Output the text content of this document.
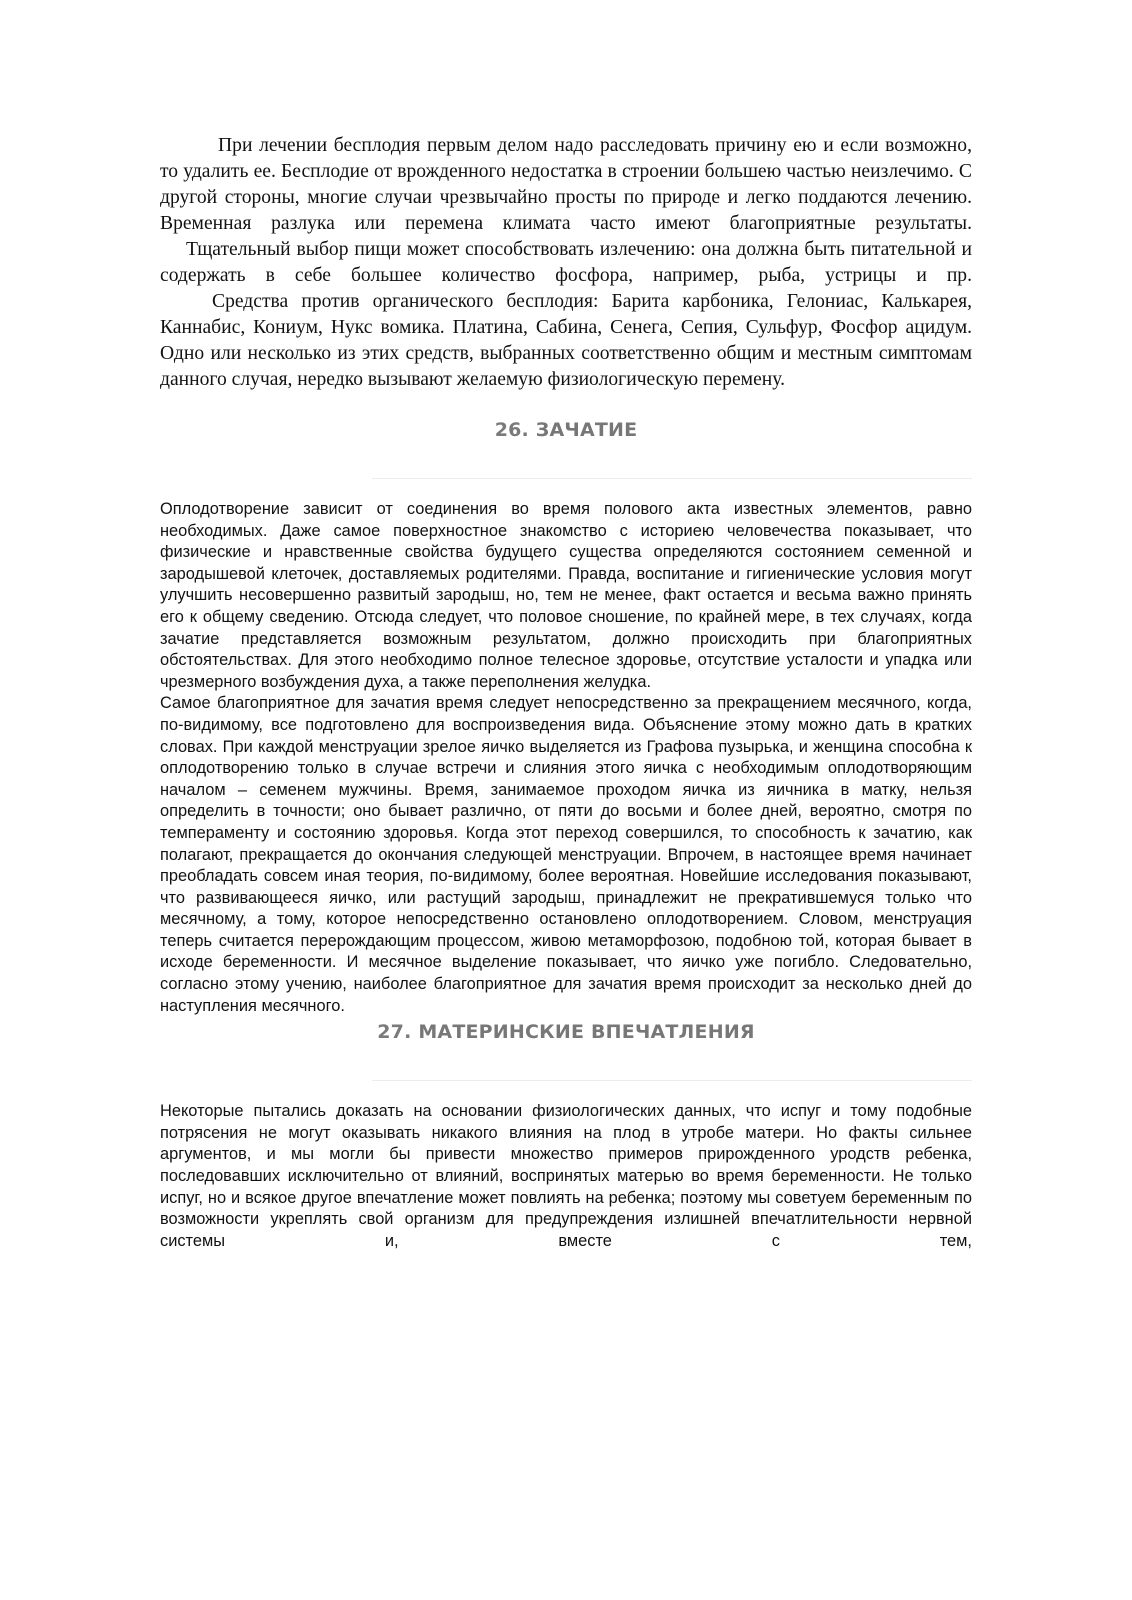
При лечении бесплодия первым делом надо расследовать причину ею и если возможно, то удалить ее. Бесплодие от врожденного недостатка в строении большею частью неизлечимо. С другой стороны, многие случаи чрезвычайно просты по природе и легко поддаются лечению. Временная разлука или перемена климата часто имеют благоприятные результаты.

Тщательный выбор пищи может способствовать излечению: она должна быть питательной и содержать в себе большее количество фосфора, например, рыба, устрицы и пр.

Средства против органического бесплодия: Барита карбоника, Гелониас, Калькарея, Каннабис, Кониум, Нукс вомика. Платина, Сабина, Сенега, Сепия, Сульфур, Фосфор ацидум.

Одно или несколько из этих средств, выбранных соответственно общим и местным симптомам данного случая, нередко вызывают желаемую физиологическую перемену.

26. ЗАЧАТИЕ

Оплодотворение зависит от соединения во время полового акта известных элементов, равно необходимых. Даже самое поверхностное знакомство с историею человечества показывает, что физические и нравственные свойства будущего существа определяются состоянием семенной и зародышевой клеточек, доставляемых родителями. Правда, воспитание и гигиенические условия могут улучшить несовершенно развитый зародыш, но, тем не менее, факт остается и весьма важно принять его к общему сведению. Отсюда следует, что половое сношение, по крайней мере, в тех случаях, когда зачатие представляется возможным результатом, должно происходить при благоприятных обстоятельствах. Для этого необходимо полное телесное здоровье, отсутствие усталости и упадка или чрезмерного возбуждения духа, а также переполнения желудка.

Самое благоприятное для зачатия время следует непосредственно за прекращением месячного, когда, по-видимому, все подготовлено для воспроизведения вида. Объяснение этому можно дать в кратких словах. При каждой менструации зрелое яичко выделяется из Графова пузырька, и женщина способна к оплодотворению только в случае встречи и слияния этого яичка с необходимым оплодотворяющим началом – семенем мужчины. Время, занимаемое проходом яичка из яичника в матку, нельзя определить в точности; оно бывает различно, от пяти до восьми и более дней, вероятно, смотря по темпераменту и состоянию здоровья. Когда этот переход совершился, то способность к зачатию, как полагают, прекращается до окончания следующей менструации. Впрочем, в настоящее время начинает преобладать совсем иная теория, по-видимому, более вероятная. Новейшие исследования показывают, что развивающееся яичко, или растущий зародыш, принадлежит не прекратившемуся только что месячному, а тому, которое непосредственно остановлено оплодотворением. Словом, менструация теперь считается перерождающим процессом, живою метаморфозою, подобною той, которая бывает в исходе беременности. И месячное выделение показывает, что яичко уже погибло. Следовательно, согласно этому учению, наиболее благоприятное для зачатия время происходит за несколько дней до наступления месячного.

27. МАТЕРИНСКИЕ ВПЕЧАТЛЕНИЯ

Некоторые пытались доказать на основании физиологических данных, что испуг и тому подобные потрясения не могут оказывать никакого влияния на плод в утробе матери. Но факты сильнее аргументов, и мы могли бы привести множество примеров прирожденного уродств ребенка, последовавших исключительно от влияний, воспринятых матерью во время беременности. Не только испуг, но и всякое другое впечатление может повлиять на ребенка; поэтому мы советуем беременным по возможности укреплять свой организм для предупреждения излишней впечатлительности нервной системы и, вместе с тем,
